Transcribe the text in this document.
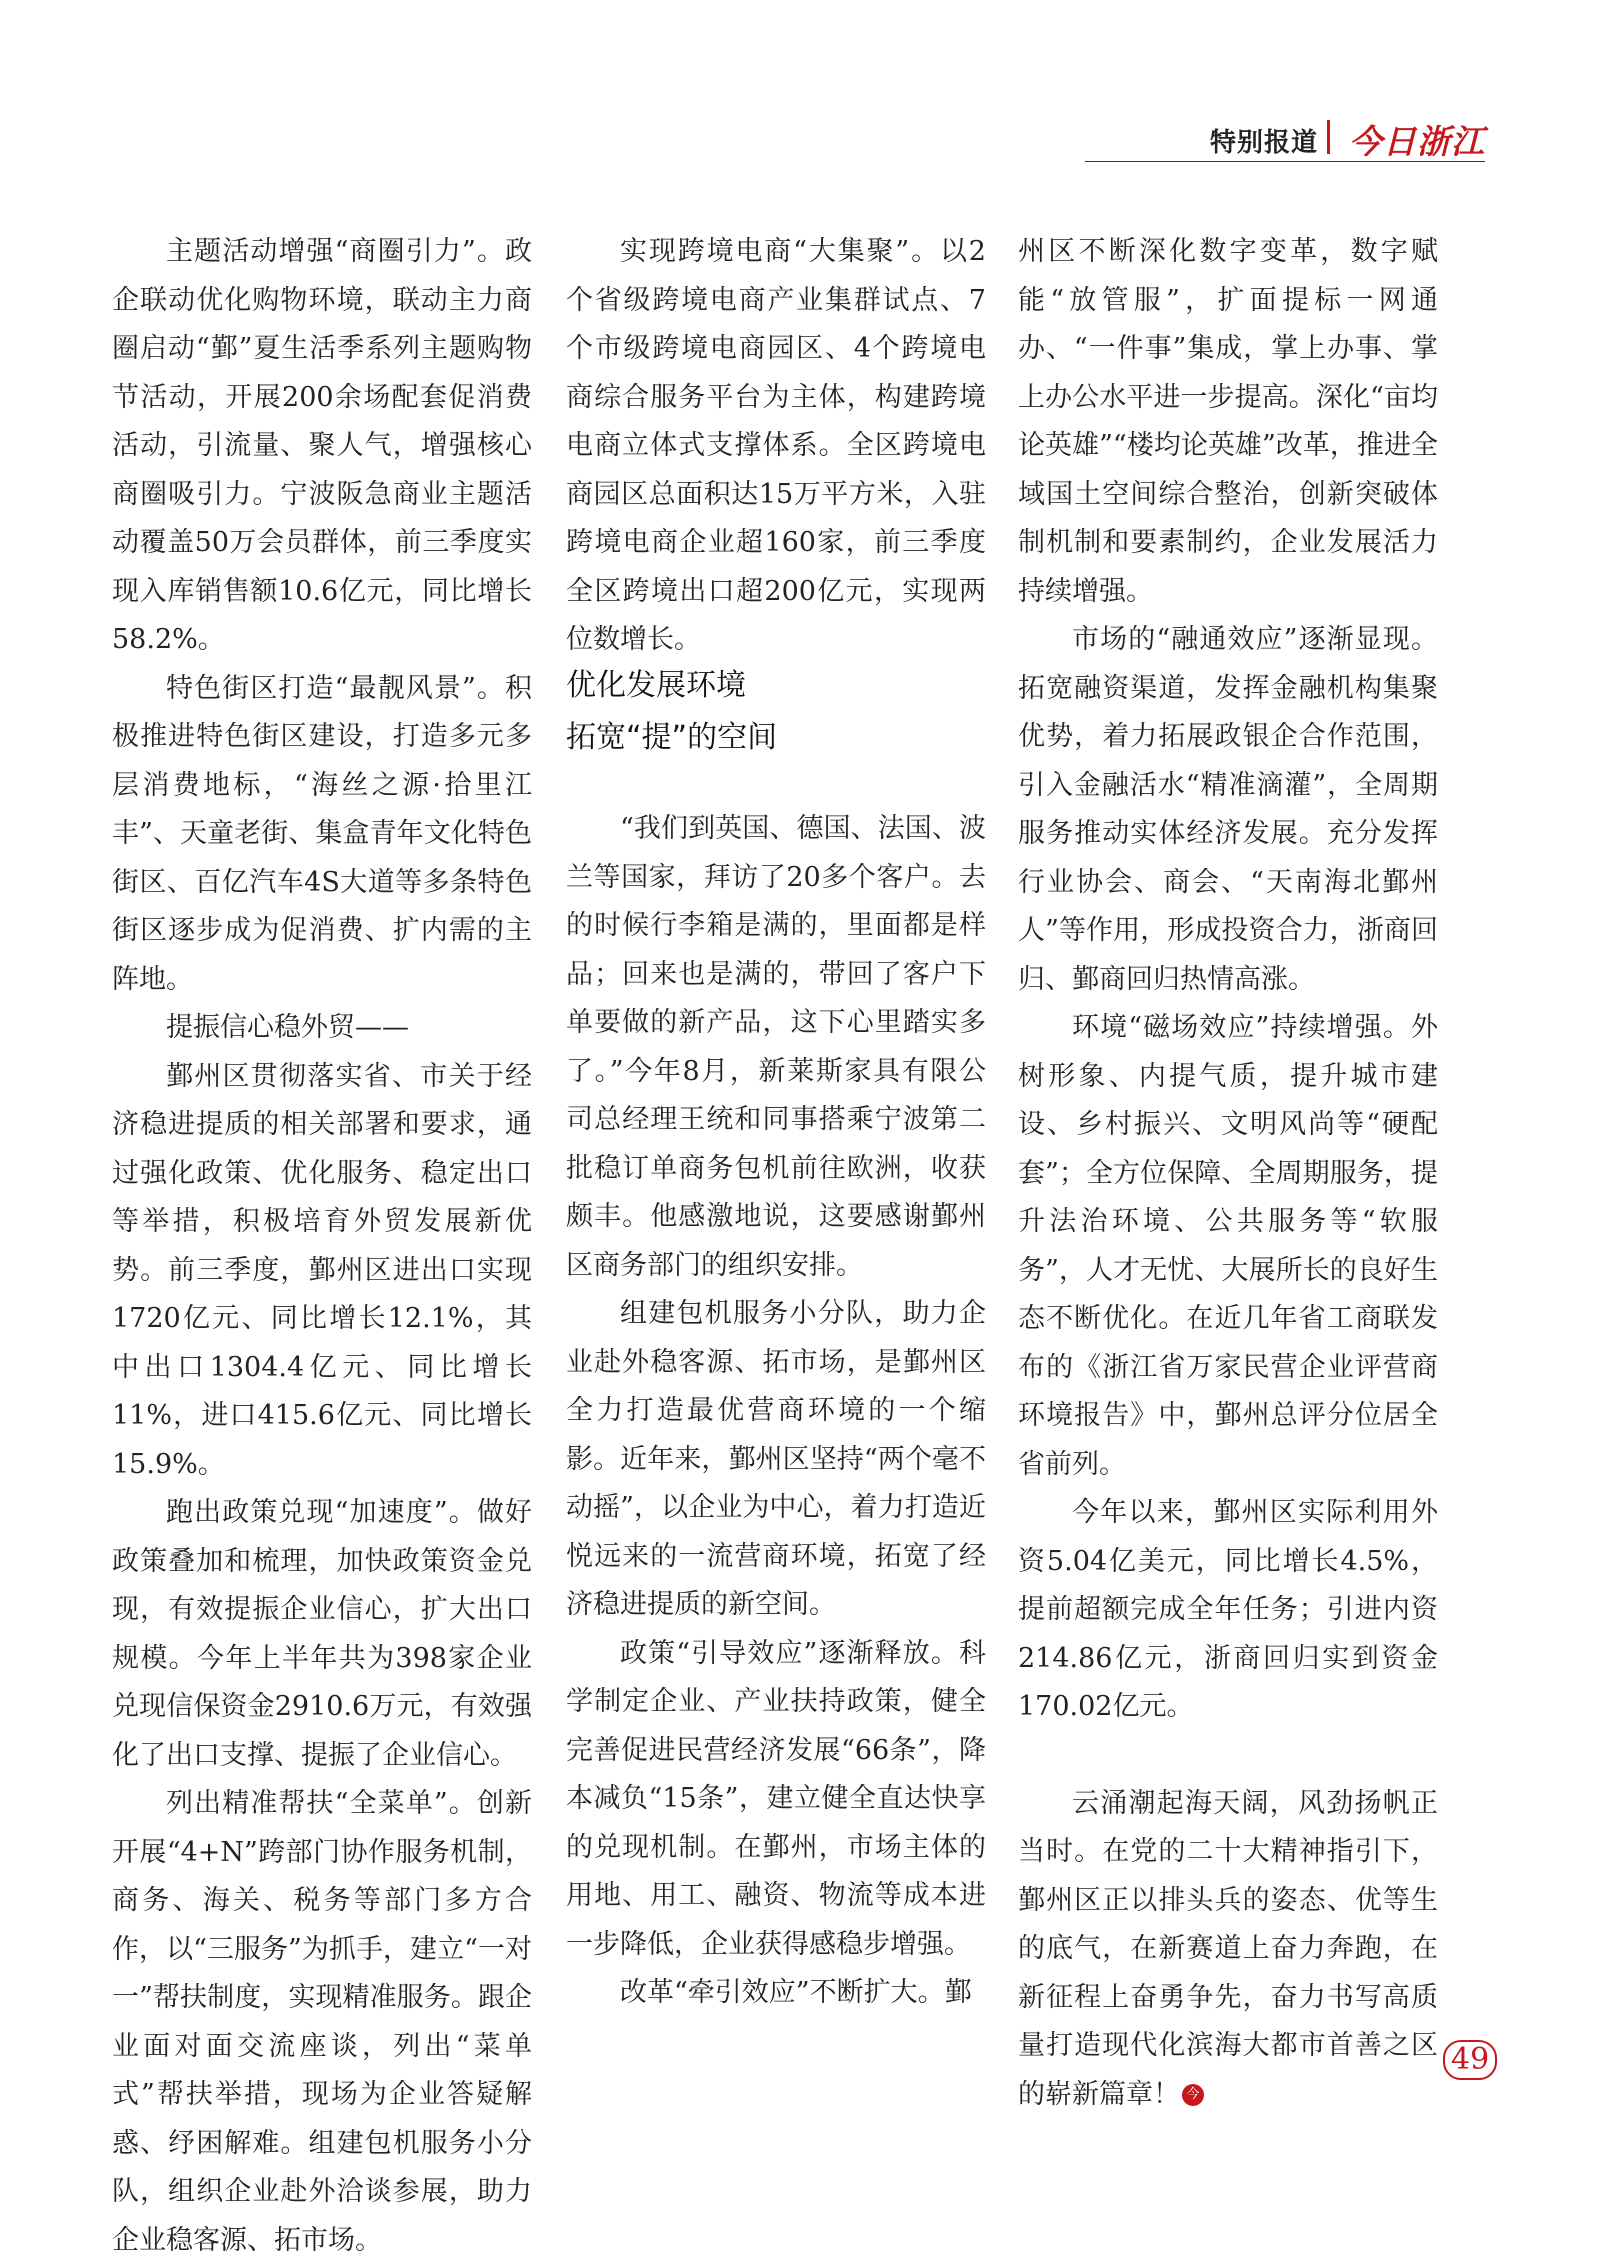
特别报道 今日浙江

主题活动增强“商圈引力”。政企联动优化购物环境，联动主力商圈启动“鄞”夏生活季系列主题购物节活动，开展200余场配套促消费活动，引流量、聚人气，增强核心商圈吸引力。宁波阪急商业主题活动覆盖50万会员群体，前三季度实现入库销售额10.6亿元，同比增长58.2%。

特色街区打造“最靓风景”。积极推进特色街区建设，打造多元多层消费地标，“海丝之源·拾里江丰”、天童老街、集盒青年文化特色街区、百亿汽车4S大道等多条特色街区逐步成为促消费、扩内需的主阵地。

提振信心稳外贸——

鄞州区贯彻落实省、市关于经济稳进提质的相关部署和要求，通过强化政策、优化服务、稳定出口等举措，积极培育外贸发展新优势。前三季度，鄞州区进出口实现1720亿元、同比增长12.1%，其中出口1304.4亿元、同比增长11%，进口415.6亿元、同比增长15.9%。

跑出政策兑现“加速度”。做好政策叠加和梳理，加快政策资金兑现，有效提振企业信心，扩大出口规模。今年上半年共为398家企业兑现信保资金2910.6万元，有效强化了出口支撑、提振了企业信心。

列出精准帮扶“全菜单”。创新开展“4+N”跨部门协作服务机制，商务、海关、税务等部门多方合作，以“三服务”为抓手，建立“一对一”帮扶制度，实现精准服务。跟企业面对面交流座谈，列出“菜单式”帮扶举措，现场为企业答疑解惑、纾困解难。组建包机服务小分队，组织企业赴外洽谈参展，助力企业稳客源、拓市场。

实现跨境电商“大集聚”。以2个省级跨境电商产业集群试点、7个市级跨境电商园区、4个跨境电商综合服务平台为主体，构建跨境电商立体式支撑体系。全区跨境电商园区总面积达15万平方米，入驻跨境电商企业超160家，前三季度全区跨境出口超200亿元，实现两位数增长。

优化发展环境
拓宽“提”的空间

“我们到英国、德国、法国、波兰等国家，拜访了20多个客户。去的时候行李箱是满的，里面都是样品；回来也是满的，带回了客户下单要做的新产品，这下心里踏实多了。”今年8月，新莱斯家具有限公司总经理王统和同事搭乘宁波第二批稳订单商务包机前往欧洲，收获颇丰。他感激地说，这要感谢鄞州区商务部门的组织安排。

组建包机服务小分队，助力企业赴外稳客源、拓市场，是鄞州区全力打造最优营商环境的一个缩影。近年来，鄞州区坚持“两个毫不动摇”，以企业为中心，着力打造近悦远来的一流营商环境，拓宽了经济稳进提质的新空间。

政策“引导效应”逐渐释放。科学制定企业、产业扶持政策，健全完善促进民营经济发展“66条”，降本减负“15条”，建立健全直达快享的兑现机制。在鄞州，市场主体的用地、用工、融资、物流等成本进一步降低，企业获得感稳步增强。

改革“牵引效应”不断扩大。鄞

州区不断深化数字变革，数字赋能“放管服”，扩面提标一网通办、“一件事”集成，掌上办事、掌上办公水平进一步提高。深化“亩均论英雄”“楼均论英雄”改革，推进全域国土空间综合整治，创新突破体制机制和要素制约，企业发展活力持续增强。

市场的“融通效应”逐渐显现。拓宽融资渠道，发挥金融机构集聚优势，着力拓展政银企合作范围，引入金融活水“精准滴灌”，全周期服务推动实体经济发展。充分发挥行业协会、商会、“天南海北鄞州人”等作用，形成投资合力，浙商回归、鄞商回归热情高涨。

环境“磁场效应”持续增强。外树形象、内提气质，提升城市建设、乡村振兴、文明风尚等“硬配套”；全方位保障、全周期服务，提升法治环境、公共服务等“软服务”，人才无忧、大展所长的良好生态不断优化。在近几年省工商联发布的《浙江省万家民营企业评营商环境报告》中，鄞州总评分位居全省前列。

今年以来，鄞州区实际利用外资5.04亿美元，同比增长4.5%，提前超额完成全年任务；引进内资214.86亿元，浙商回归实到资金170.02亿元。

云涌潮起海天阔，风劲扬帆正当时。在党的二十大精神指引下，鄞州区正以排头兵的姿态、优等生的底气，在新赛道上奋力奔跑，在新征程上奋勇争先，奋力书写高质量打造现代化滨海大都市首善之区的崭新篇章！ 今

49
